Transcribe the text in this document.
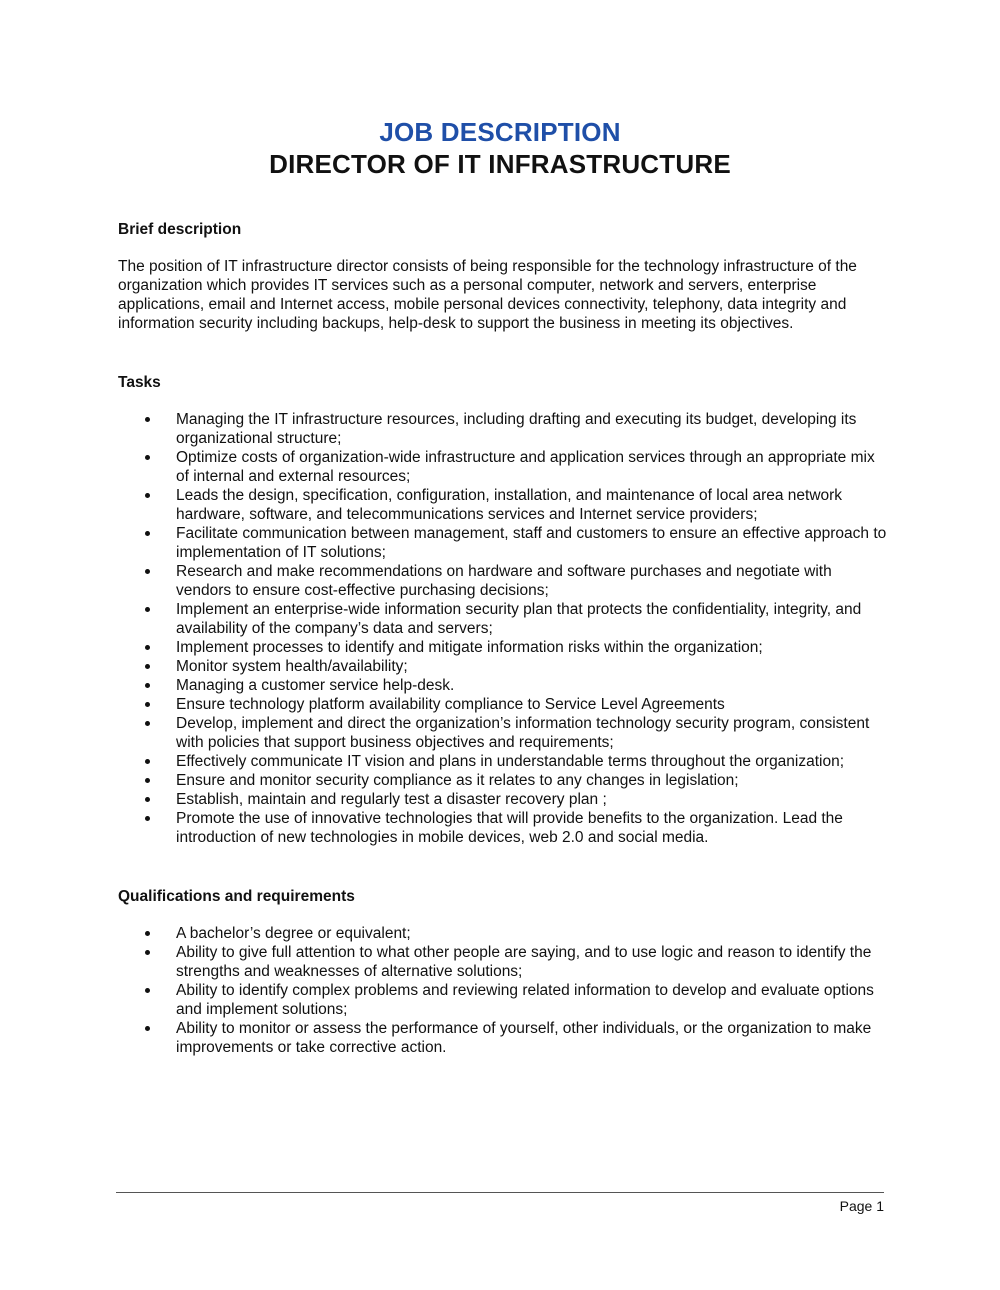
JOB DESCRIPTION
DIRECTOR OF IT INFRASTRUCTURE
Brief description

The position of IT infrastructure director consists of being responsible for the technology infrastructure of the organization which provides IT services such as a personal computer, network and servers, enterprise applications, email and Internet access, mobile personal devices connectivity, telephony, data integrity and information security including backups, help-desk to support the business in meeting its objectives.

Tasks
Managing the IT infrastructure resources, including drafting and executing its budget, developing its organizational structure;
Optimize costs of organization-wide infrastructure and application services through an appropriate mix of internal and external resources;
Leads the design, specification, configuration, installation, and maintenance of local area network hardware, software, and telecommunications services and Internet service providers;
Facilitate communication between management, staff and customers to ensure an effective approach to implementation of IT solutions;
Research and make recommendations on hardware and software purchases and negotiate with vendors to ensure cost-effective purchasing decisions;
Implement an enterprise-wide information security plan that protects the confidentiality, integrity, and availability of the company’s data and servers;
Implement processes to identify and mitigate information risks within the organization;
Monitor system health/availability;
Managing a customer service help-desk.
Ensure technology platform availability compliance to Service Level Agreements
Develop, implement and direct the organization’s information technology security program, consistent with policies that support business objectives and requirements;
Effectively communicate IT vision and plans in understandable terms throughout the organization;
Ensure and monitor security compliance as it relates to any changes in legislation;
Establish, maintain and regularly test a disaster recovery plan ;
Promote the use of innovative technologies that will provide benefits to the organization. Lead the introduction of new technologies in mobile devices, web 2.0 and social media.
Qualifications and requirements
A bachelor’s degree or equivalent;
Ability to give full attention to what other people are saying, and to use logic and reason to identify the strengths and weaknesses of alternative solutions;
Ability to identify complex problems and reviewing related information to develop and evaluate options and implement solutions;
Ability to monitor or assess the performance of yourself, other individuals, or the organization to make improvements or take corrective action.
Page 1
